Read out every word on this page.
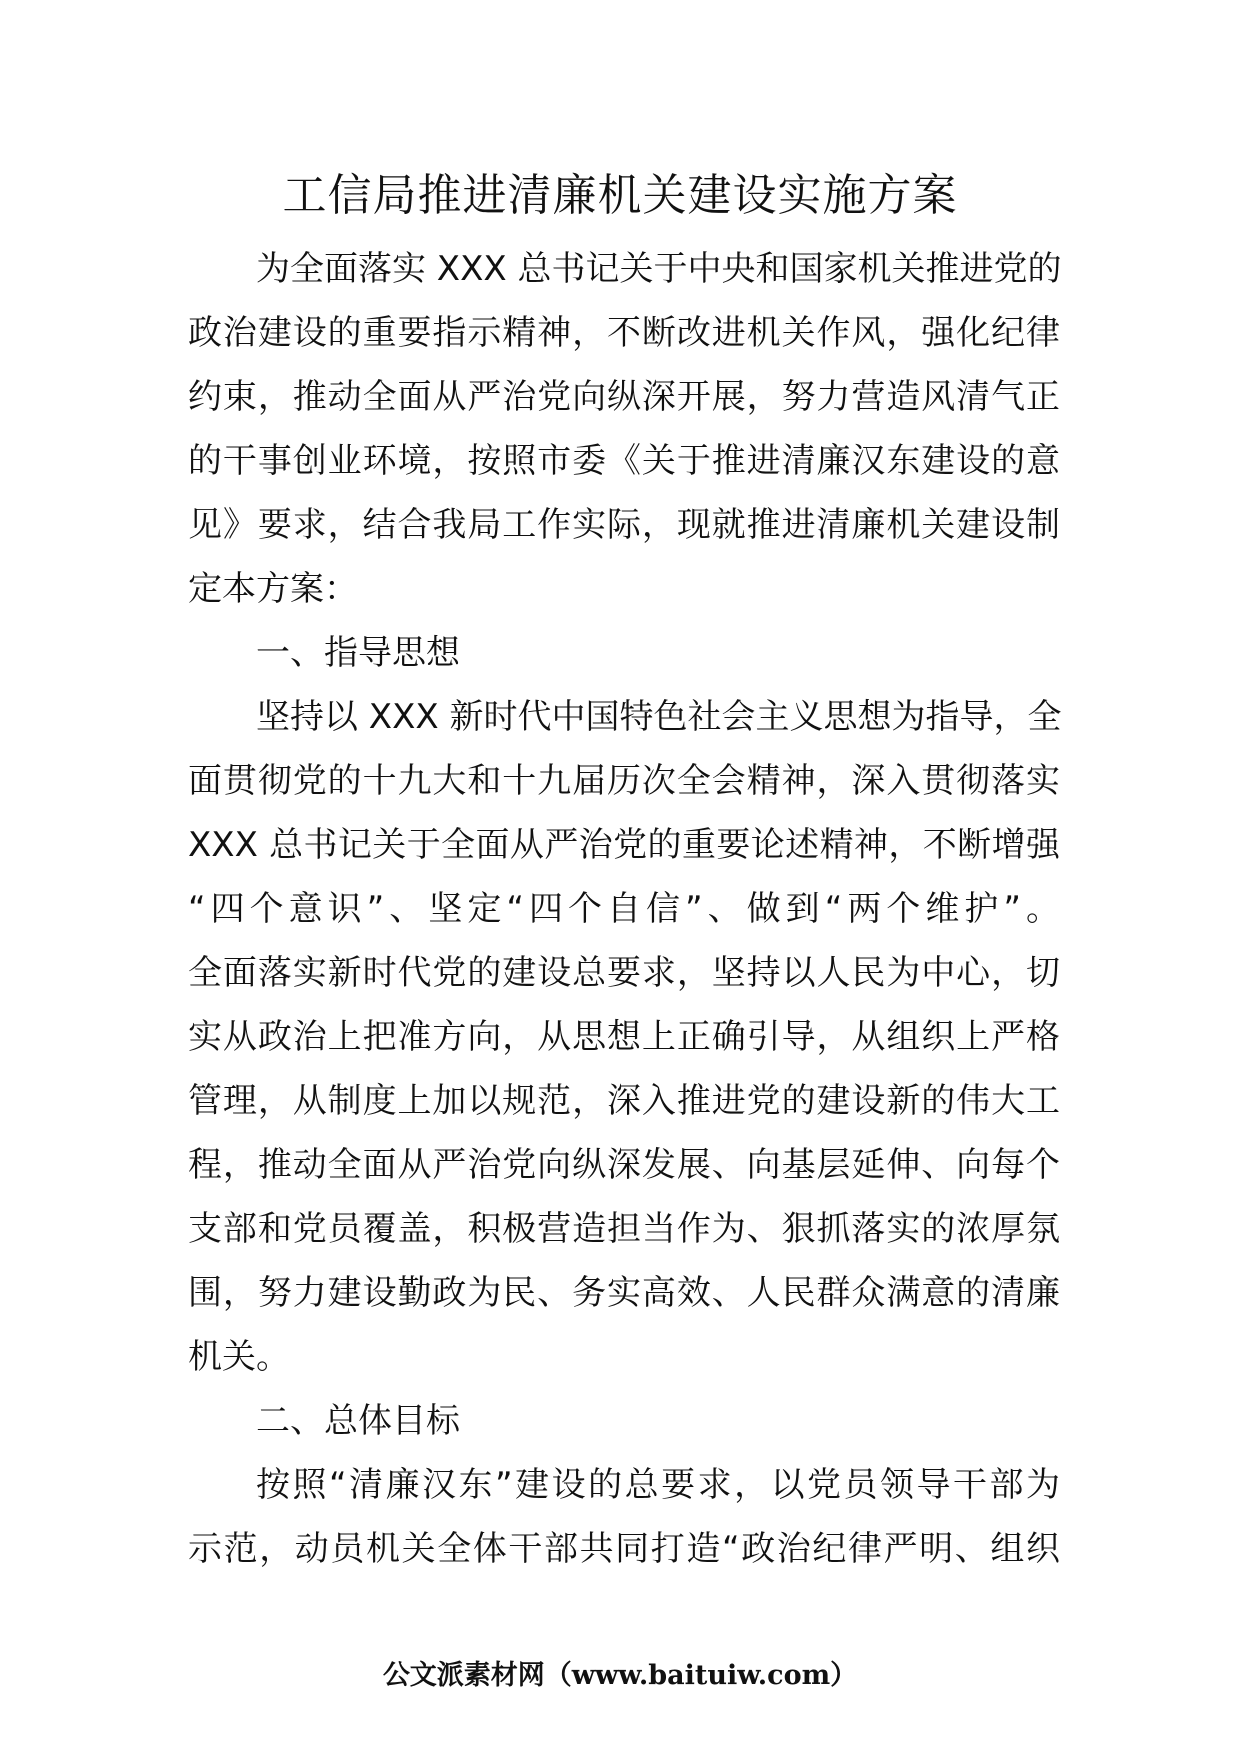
工信局推进清廉机关建设实施方案
为全面落实 XXX 总书记关于中央和国家机关推进党的
政治建设的重要指示精神，不断改进机关作风，强化纪律
约束，推动全面从严治党向纵深开展，努力营造风清气正
的干事创业环境，按照市委《关于推进清廉汉东建设的意
见》要求，结合我局工作实际，现就推进清廉机关建设制
定本方案：
一、指导思想
坚持以 XXX 新时代中国特色社会主义思想为指导，全
面贯彻党的十九大和十九届历次全会精神，深入贯彻落实
XXX 总书记关于全面从严治党的重要论述精神，不断增强
“四个意识”、坚定“四个自信”、做到“两个维护”。
全面落实新时代党的建设总要求，坚持以人民为中心，切
实从政治上把准方向，从思想上正确引导，从组织上严格
管理，从制度上加以规范，深入推进党的建设新的伟大工
程，推动全面从严治党向纵深发展、向基层延伸、向每个
支部和党员覆盖，积极营造担当作为、狠抓落实的浓厚氛
围，努力建设勤政为民、务实高效、人民群众满意的清廉
机关。
二、总体目标
按照“清廉汉东”建设的总要求，以党员领导干部为
示范，动员机关全体干部共同打造“政治纪律严明、组织
公文派素材网（www.baituiw.com）
